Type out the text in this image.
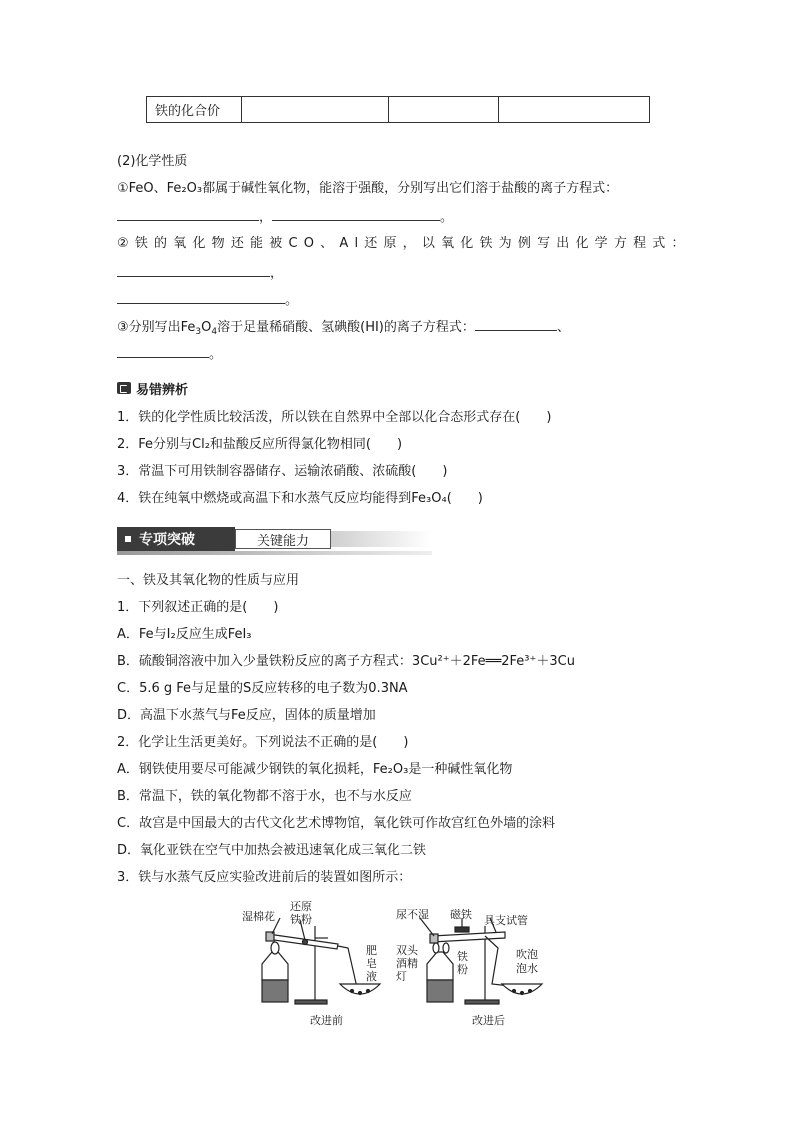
铁的化合价
(2)化学性质
①FeO、Fe₂O₃都属于碱性氧化物，能溶于强酸，分别写出它们溶于盐酸的离子方程式：
，	。
②铁的氧化物还能被CO、Al还原，以氧化铁为例写出化学方程式：
，
。
③分别写出$Fe_3O_4$溶于足量稀硝酸、氢碘酸(HI)的离子方程式：	、
。
易错辨析
1．铁的化学性质比较活泼，所以铁在自然界中全部以化合态形式存在(　　)
2．Fe分别与Cl₂和盐酸反应所得氯化物相同(　　)
3．常温下可用铁制容器储存、运输浓硝酸、浓硫酸(　　)
4．铁在纯氧中燃烧或高温下和水蒸气反应均能得到Fe₃O₄(　　)
专项突破	关键能力
一、铁及其氧化物的性质与应用
1．下列叙述正确的是(　　)
A．Fe与I₂反应生成FeI₃
B．硫酸铜溶液中加入少量铁粉反应的离子方程式：3Cu²⁺＋2Fe══2Fe³⁺＋3Cu
C．5.6 g Fe与足量的S反应转移的电子数为0.3NA
D．高温下水蒸气与Fe反应，固体的质量增加
2．化学让生活更美好。下列说法不正确的是(　　)
A．钢铁使用要尽可能减少钢铁的氧化损耗，Fe₂O₃是一种碱性氧化物
B．常温下，铁的氧化物都不溶于水，也不与水反应
C．故宫是中国最大的古代文化艺术博物馆，氧化铁可作故宫红色外墙的涂料
D．氧化亚铁在空气中加热会被迅速氧化成三氧化二铁
3．铁与水蒸气反应实验改进前后的装置如图所示：
湿棉花
还原
铁粉
肥
皂
液
改进前
尿不湿 磁铁 具支试管
双头
酒精
灯
铁
粉
吹泡
泡水
改进后
